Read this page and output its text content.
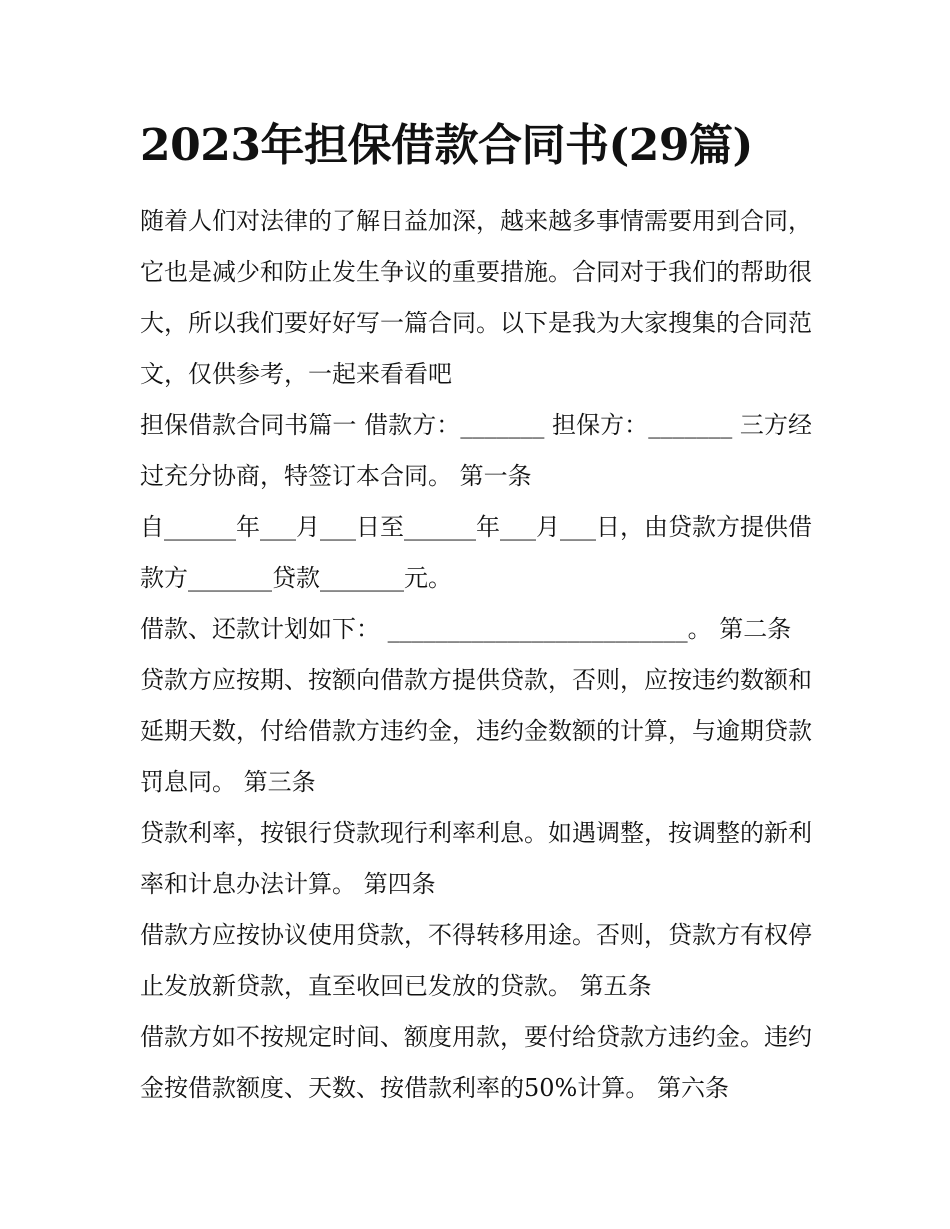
2023年担保借款合同书(29篇)

随着人们对法律的了解日益加深，越来越多事情需要用到合同，它也是减少和防止发生争议的重要措施。合同对于我们的帮助很大，所以我们要好好写一篇合同。以下是我为大家搜集的合同范文，仅供参考，一起来看看吧

担保借款合同书篇一 借款方：_______ 担保方：_______ 三方经过充分协商，特签订本合同。 第一条

自______年___月___日至______年___月___日，由贷款方提供借款方_______贷款_______元。

借款、还款计划如下： _________________________。 第二条

贷款方应按期、按额向借款方提供贷款，否则，应按违约数额和延期天数，付给借款方违约金，违约金数额的计算，与逾期贷款罚息同。 第三条

贷款利率，按银行贷款现行利率利息。如遇调整，按调整的新利率和计息办法计算。 第四条

借款方应按协议使用贷款，不得转移用途。否则，贷款方有权停止发放新贷款，直至收回已发放的贷款。 第五条

借款方如不按规定时间、额度用款，要付给贷款方违约金。违约金按借款额度、天数、按借款利率的50%计算。 第六条
